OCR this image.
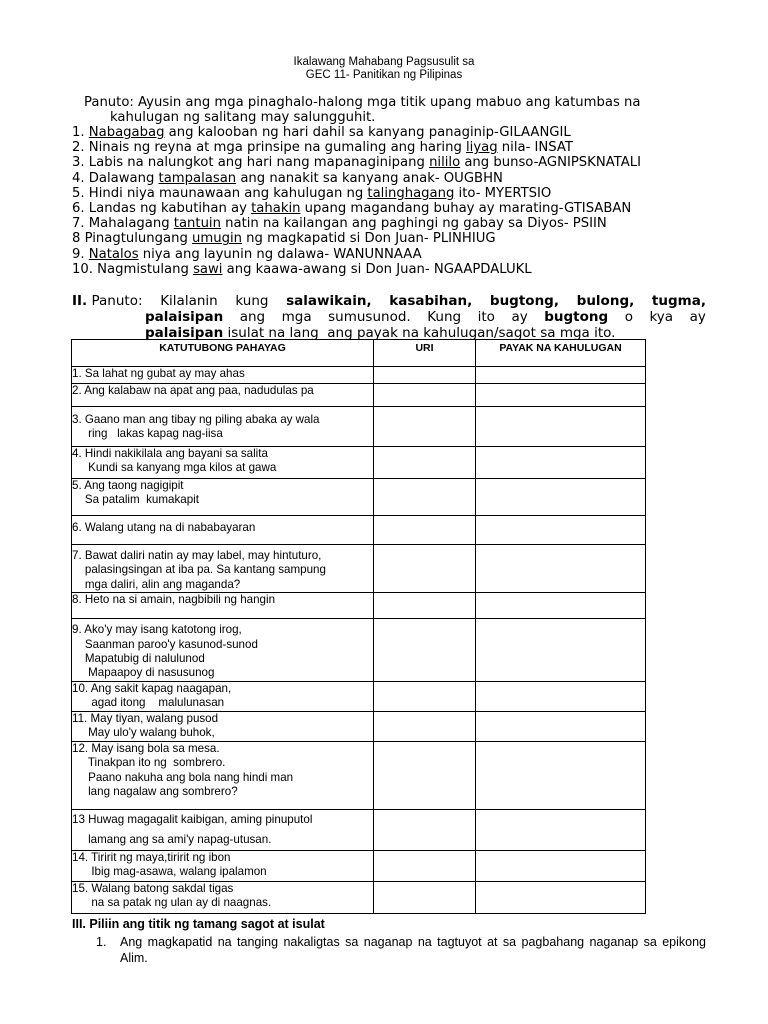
Ikalawang Mahabang Pagsusulit sa
GEC 11- Panitikan ng Pilipinas
Panuto: Ayusin ang mga pinaghalo-halong mga titik upang mabuo ang katumbas na
kahulugan ng salitang may salungguhit.
1. Nabagabag ang kalooban ng hari dahil sa kanyang panaginip-GILAANGIL
2. Ninais ng reyna at mga prinsipe na gumaling ang haring liyag nila- INSAT
3. Labis na nalungkot ang hari nang mapanaginipang nililo ang bunso-AGNIPSKNATALI
4. Dalawang tampalasan ang nanakit sa kanyang anak- OUGBHN
5. Hindi niya maunawaan ang kahulugan ng talinghagang ito- MYERTSIO
6. Landas ng kabutihan ay tahakin upang magandang buhay ay marating-GTISABAN
7. Mahalagang tantuin natin na kailangan ang paghingi ng gabay sa Diyos- PSIIN
8 Pinagtulungang umugin ng magkapatid si Don Juan- PLINHIUG
9. Natalos niya ang layunin ng dalawa- WANUNNAAA
10. Nagmistulang sawi ang kaawa-awang si Don Juan- NGAAPDALUKL
II. Panuto: Kilalanin kung salawikain, kasabihan, bugtong, bulong, tugma,
palaisipan ang mga sumusunod. Kung ito ay bugtong o kya ay
palaisipan isulat na lang  ang payak na kahulugan/sagot sa mga ito.
KATUTUBONG PAHAYAG	URI	PAYAK NA KAHULUGAN
1. Sa lahat ng gubat ay may ahas		
2. Ang kalabaw na apat ang paa, nadudulas pa		
3. Gaano man ang tibay ng piling abaka ay wala
ring   lakas kapag nag-iisa		
4. Hindi nakikilala ang bayani sa salita
Kundi sa kanyang mga kilos at gawa		
5. Ang taong nagigipit
Sa patalim  kumakapit		
6. Walang utang na di nababayaran		
7. Bawat daliri natin ay may label, may hintuturo,
palasingsingan at iba pa. Sa kantang sampung
mga daliri, alin ang maganda?		
8. Heto na si amain, nagbibili ng hangin		
9. Ako'y may isang katotong irog,
Saanman paroo'y kasunod-sunod
Mapatubig di nalulunod
Mapaapoy di nasusunog		
10. Ang sakit kapag naagapan,
agad itong    malulunasan		
11. May tiyan, walang pusod
May ulo'y walang buhok,		
12. May isang bola sa mesa.
Tinakpan ito ng  sombrero.
Paano nakuha ang bola nang hindi man
lang nagalaw ang sombrero?		
13 Huwag magagalit kaibigan, aming pinuputol
lamang ang sa ami'y napag-utusan.		
14. Tiririt ng maya,tiririt ng ibon
Ibig mag-asawa, walang ipalamon		
15. Walang batong sakdal tigas
na sa patak ng ulan ay di naagnas.		
III. Piliin ang titik ng tamang sagot at isulat
1. Ang magkapatid na tanging nakaligtas sa naganap na tagtuyot at sa pagbahang naganap sa epikong Alim.
